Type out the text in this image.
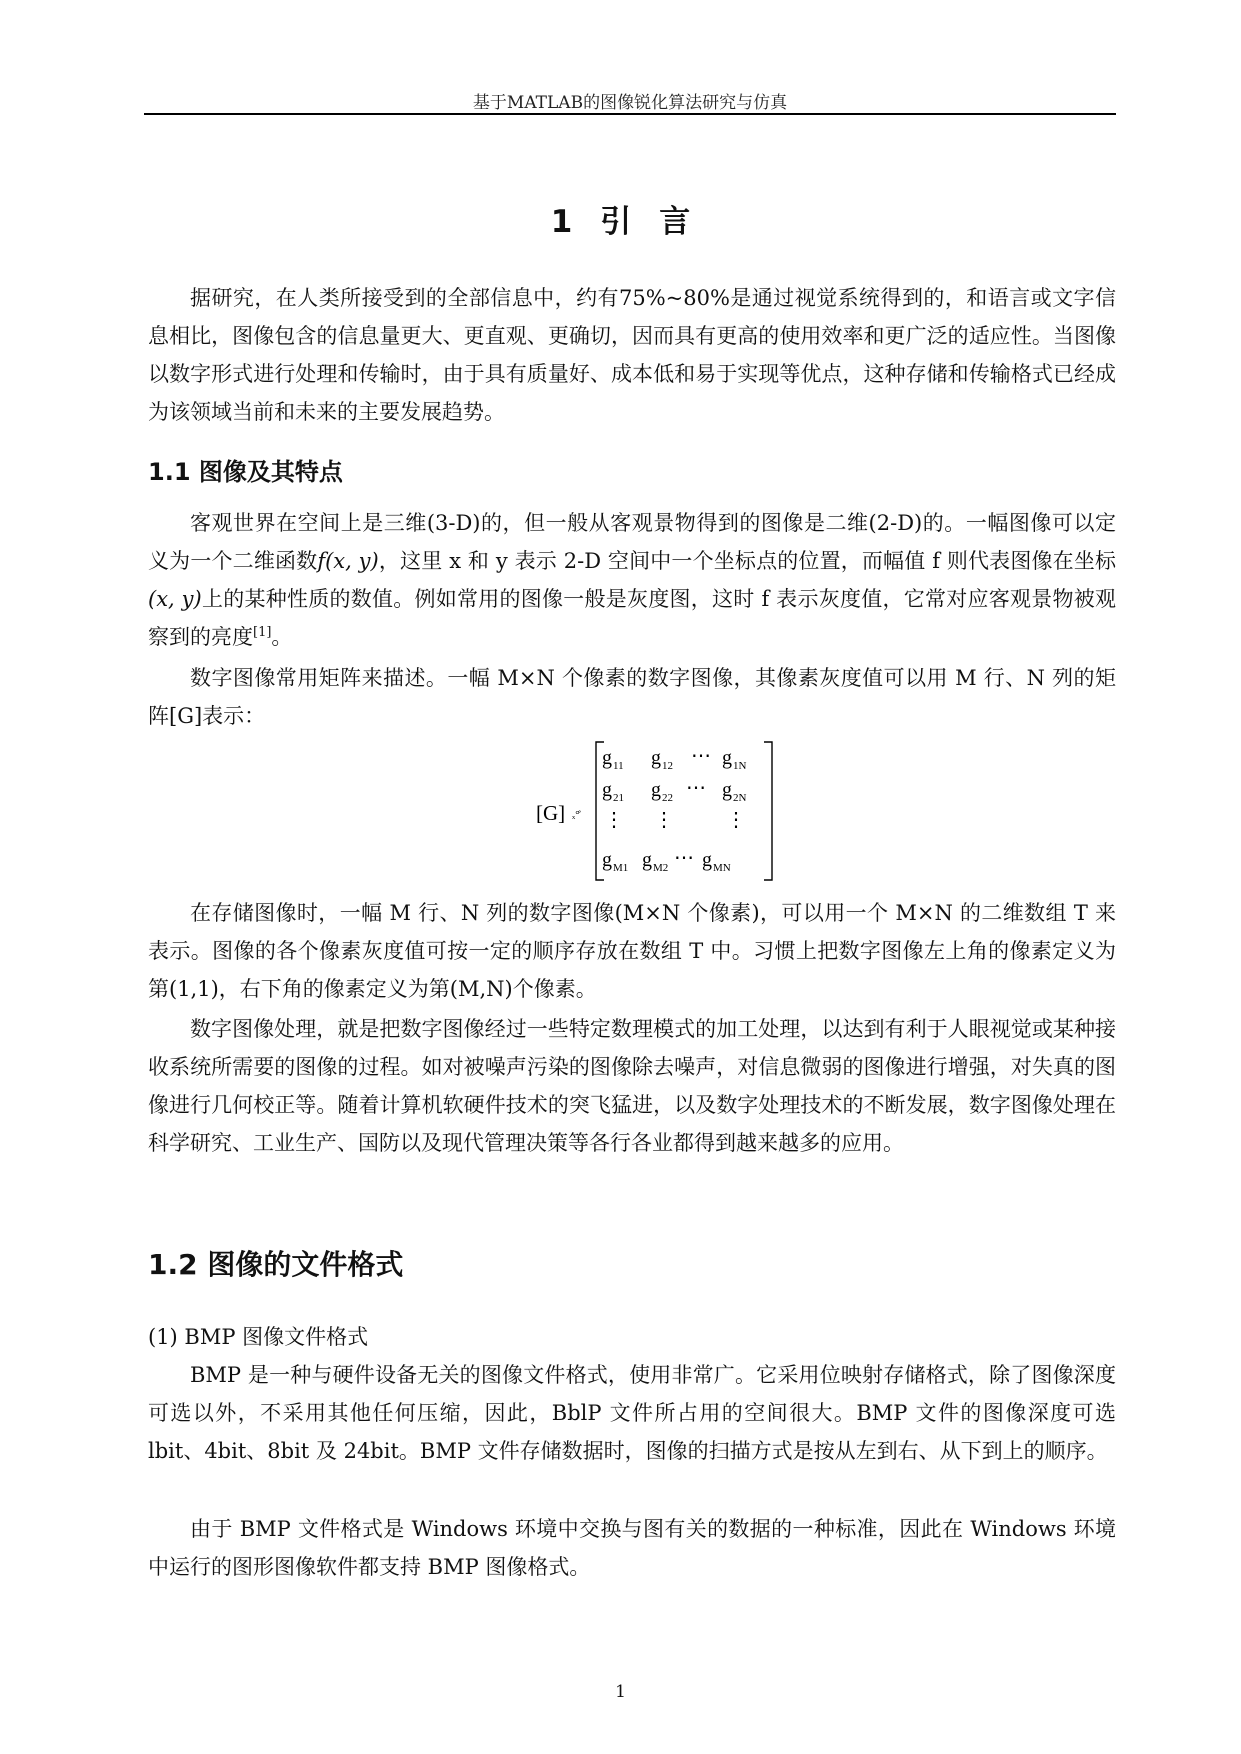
基于MATLAB的图像锐化算法研究与仿真
1 引 言

据研究，在人类所接受到的全部信息中，约有75%~80%是通过视觉系统得到的，和语言或文字信息相比，图像包含的信息量更大、更直观、更确切，因而具有更高的使用效率和更广泛的适应性。当图像以数字形式进行处理和传输时，由于具有质量好、成本低和易于实现等优点，这种存储和传输格式已经成为该领域当前和未来的主要发展趋势。

1.1 图像及其特点

客观世界在空间上是三维(3-D)的，但一般从客观景物得到的图像是二维(2-D)的。一幅图像可以定义为一个二维函数f(x, y)，这里 x 和 y 表示 2-D 空间中一个坐标点的位置，而幅值 f 则代表图像在坐标(x, y)上的某种性质的数值。例如常用的图像一般是灰度图，这时 f 表示灰度值，它常对应客观景物被观察到的亮度[1]。

数字图像常用矩阵来描述。一幅 M×N 个像素的数字图像，其像素灰度值可以用 M 行、N 列的矩阵[G]表示：

[G] ₓ°̊
g 11 g 12 ⋯ g 1N
g 21 g 22 ⋯ g 2N
⋮ ⋮	⋮
g M1 g M2 ⋯ g MN

在存储图像时，一幅 M 行、N 列的数字图像(M×N 个像素)，可以用一个 M×N 的二维数组 T 来表示。图像的各个像素灰度值可按一定的顺序存放在数组 T 中。习惯上把数字图像左上角的像素定义为第(1,1)，右下角的像素定义为第(M,N)个像素。

数字图像处理，就是把数字图像经过一些特定数理模式的加工处理，以达到有利于人眼视觉或某种接收系统所需要的图像的过程。如对被噪声污染的图像除去噪声，对信息微弱的图像进行增强，对失真的图像进行几何校正等。随着计算机软硬件技术的突飞猛进，以及数字处理技术的不断发展，数字图像处理在科学研究、工业生产、国防以及现代管理决策等各行各业都得到越来越多的应用。

1.2 图像的文件格式

(1) BMP 图像文件格式

BMP 是一种与硬件设备无关的图像文件格式，使用非常广。它采用位映射存储格式，除了图像深度可选以外，不采用其他任何压缩，因此，BblP 文件所占用的空间很大。BMP 文件的图像深度可选 lbit、4bit、8bit 及 24bit。BMP 文件存储数据时，图像的扫描方式是按从左到右、从下到上的顺序。

由于 BMP 文件格式是 Windows 环境中交换与图有关的数据的一种标准，因此在 Windows 环境中运行的图形图像软件都支持 BMP 图像格式。

1
